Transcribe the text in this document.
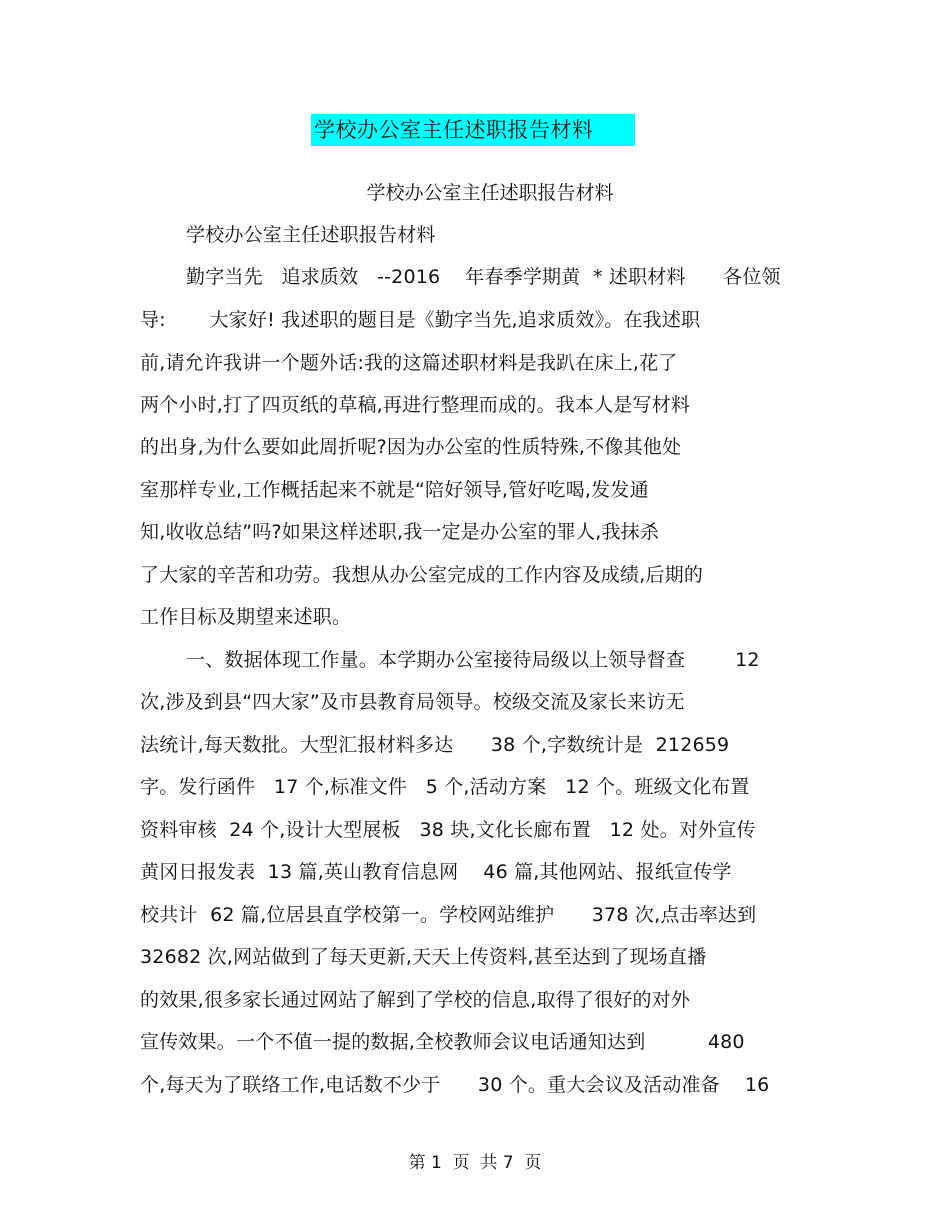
学校办公室主任述职报告材料
学校办公室主任述职报告材料
学校办公室主任述职报告材料
勤字当先   追求质效   --2016    年春季学期黄  * 述职材料      各位领
导:       大家好! 我述职的题目是《勤字当先,追求质效》。在我述职
前,请允许我讲一个题外话:我的这篇述职材料是我趴在床上,花了
两个小时,打了四页纸的草稿,再进行整理而成的。我本人是写材料
的出身,为什么要如此周折呢?因为办公室的性质特殊,不像其他处
室那样专业,工作概括起来不就是“陪好领导,管好吃喝,发发通
知,收收总结”吗?如果这样述职,我一定是办公室的罪人,我抹杀
了大家的辛苦和功劳。我想从办公室完成的工作内容及成绩,后期的
工作目标及期望来述职。
一、数据体现工作量。本学期办公室接待局级以上领导督查        12
次,涉及到县“四大家”及市县教育局领导。校级交流及家长来访无
法统计,每天数批。大型汇报材料多达      38 个,字数统计是  212659
字。发行函件   17 个,标准文件   5 个,活动方案   12 个。班级文化布置
资料审核  24 个,设计大型展板   38 块,文化长廊布置   12 处。对外宣传
黄冈日报发表  13 篇,英山教育信息网    46 篇,其他网站、报纸宣传学
校共计  62 篇,位居县直学校第一。学校网站维护      378 次,点击率达到
32682 次,网站做到了每天更新,天天上传资料,甚至达到了现场直播
的效果,很多家长通过网站了解到了学校的信息,取得了很好的对外
宣传效果。一个不值一提的数据,全校教师会议电话通知达到          480
个,每天为了联络工作,电话数不少于      30 个。重大会议及活动准备    16
第 1  页  共 7  页
